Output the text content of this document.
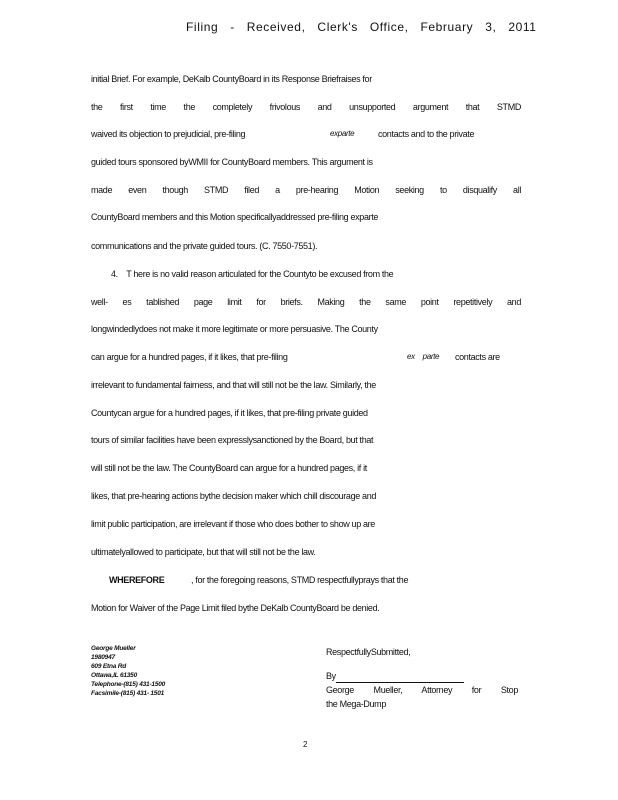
Filing - Received, Clerk's Office, February 3, 2011
initial Brief. For example, DeKalb CountyBoard in its Response Briefraises for
the first time the completely frivolous and unsupported argument that STMD
waived its objection to prejudicial, pre-filing	exparte	contacts and to the private
guided tours sponsored byWMII for CountyBoard members. This argument is
made even though STMD filed a pre-hearing Motion seeking to disqualify all
CountyBoard members and this Motion specificallyaddressed pre-filing exparte
communications and the private guided tours. (C. 7550-7551).
4.    T here is no valid reason articulated for the Countyto be excused from the
well- es tablished page limit for briefs. Making the same point repetitively and
longwindedlydoes not make it more legitimate or more persuasive. The County
can argue for a hundred pages, if it likes, that pre-filing	ex parte contacts are
irrelevant to fundamental fairness, and that will still not be the law. Similarly, the
Countycan argue for a hundred pages, if it likes, that pre-filing private guided
tours of similar facilities have been expresslysanctioned by the Board, but that
will still not be the law. The CountyBoard can argue for a hundred pages, if it
likes, that pre-hearing actions bythe decision maker which chill discourage and
limit public participation, are irrelevant if those who does bother to show up are
ultimatelyallowed to participate, but that will still not be the law.
WHEREFORE	, for the foregoing reasons, STMD respectfullyprays that the
Motion for Waiver of the Page Limit filed bythe DeKalb CountyBoard be denied.
George Mueller
1980947
609 Etna Rd
Ottawa,IL 61350
Telephone-(815) 431-1500
Facsimile-(815) 431- 1501
RespectfullySubmitted,
By
George Mueller, Attorney for Stop
the Mega-Dump
2
